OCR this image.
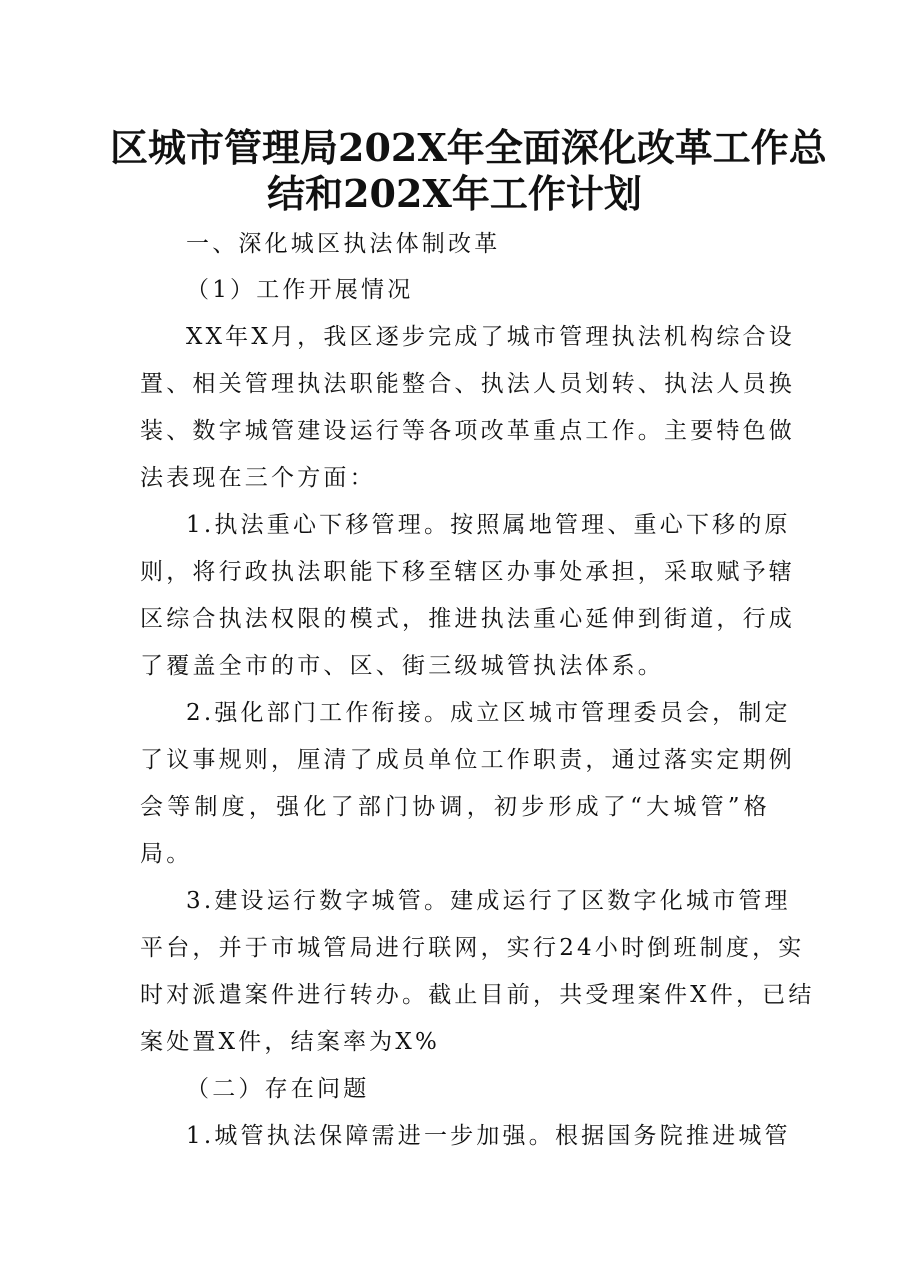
区城市管理局202X年全面深化改革工作总
结和202X年工作计划
一、深化城区执法体制改革
（1）工作开展情况
XX年X月，我区逐步完成了城市管理执法机构综合设
置、相关管理执法职能整合、执法人员划转、执法人员换
装、数字城管建设运行等各项改革重点工作。主要特色做
法表现在三个方面：
1.执法重心下移管理。按照属地管理、重心下移的原
则，将行政执法职能下移至辖区办事处承担，采取赋予辖
区综合执法权限的模式，推进执法重心延伸到街道，行成
了覆盖全市的市、区、街三级城管执法体系。
2.强化部门工作衔接。成立区城市管理委员会，制定
了议事规则，厘清了成员单位工作职责，通过落实定期例
会等制度，强化了部门协调，初步形成了“大城管”格
局。
3.建设运行数字城管。建成运行了区数字化城市管理
平台，并于市城管局进行联网，实行24小时倒班制度，实
时对派遣案件进行转办。截止目前，共受理案件X件，已结
案处置X件，结案率为X%
（二）存在问题
1.城管执法保障需进一步加强。根据国务院推进城管
